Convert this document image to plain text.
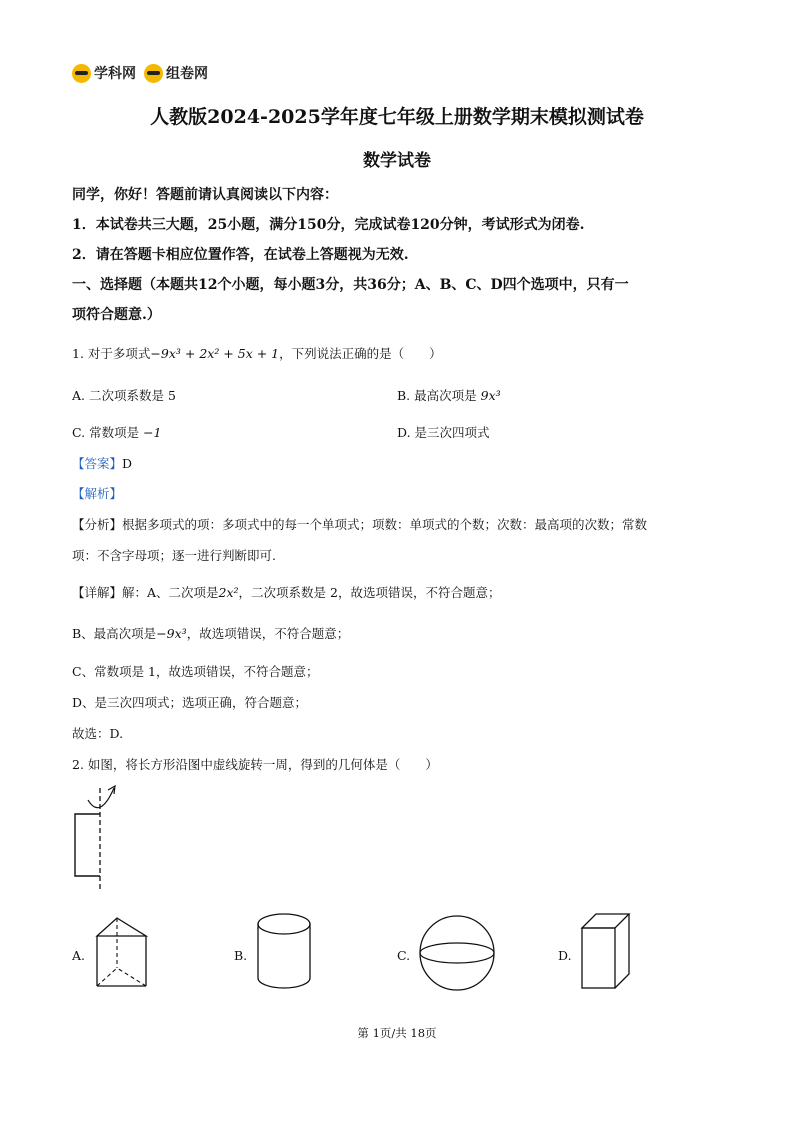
学科网 组卷网
人教版2024-2025学年度七年级上册数学期末模拟测试卷
数学试卷
同学，你好！答题前请认真阅读以下内容：
1．本试卷共三大题，25小题，满分150分，完成试卷120分钟，考试形式为闭卷.
2．请在答题卡相应位置作答，在试卷上答题视为无效.
一、选择题（本题共12个小题，每小题3分，共36分；A、B、C、D四个选项中，只有一
项符合题意.）
1. 对于多项式−9x³ + 2x² + 5x + 1，下列说法正确的是（　　）
A. 二次项系数是 5	B. 最高次项是 9x³
C. 常数项是 −1	D. 是三次四项式
【答案】D
【解析】
【分析】根据多项式的项：多项式中的每一个单项式；项数：单项式的个数；次数：最高项的次数；常数
项：不含字母项；逐一进行判断即可.
【详解】解：A、二次项是2x²，二次项系数是 2，故选项错误，不符合题意；
B、最高次项是−9x³，故选项错误，不符合题意；
C、常数项是 1，故选项错误，不符合题意；
D、是三次四项式；选项正确，符合题意；
故选：D.
2. 如图，将长方形沿图中虚线旋转一周，得到的几何体是（　　）
A.	B.	C.	D.
第 1页/共 18页
